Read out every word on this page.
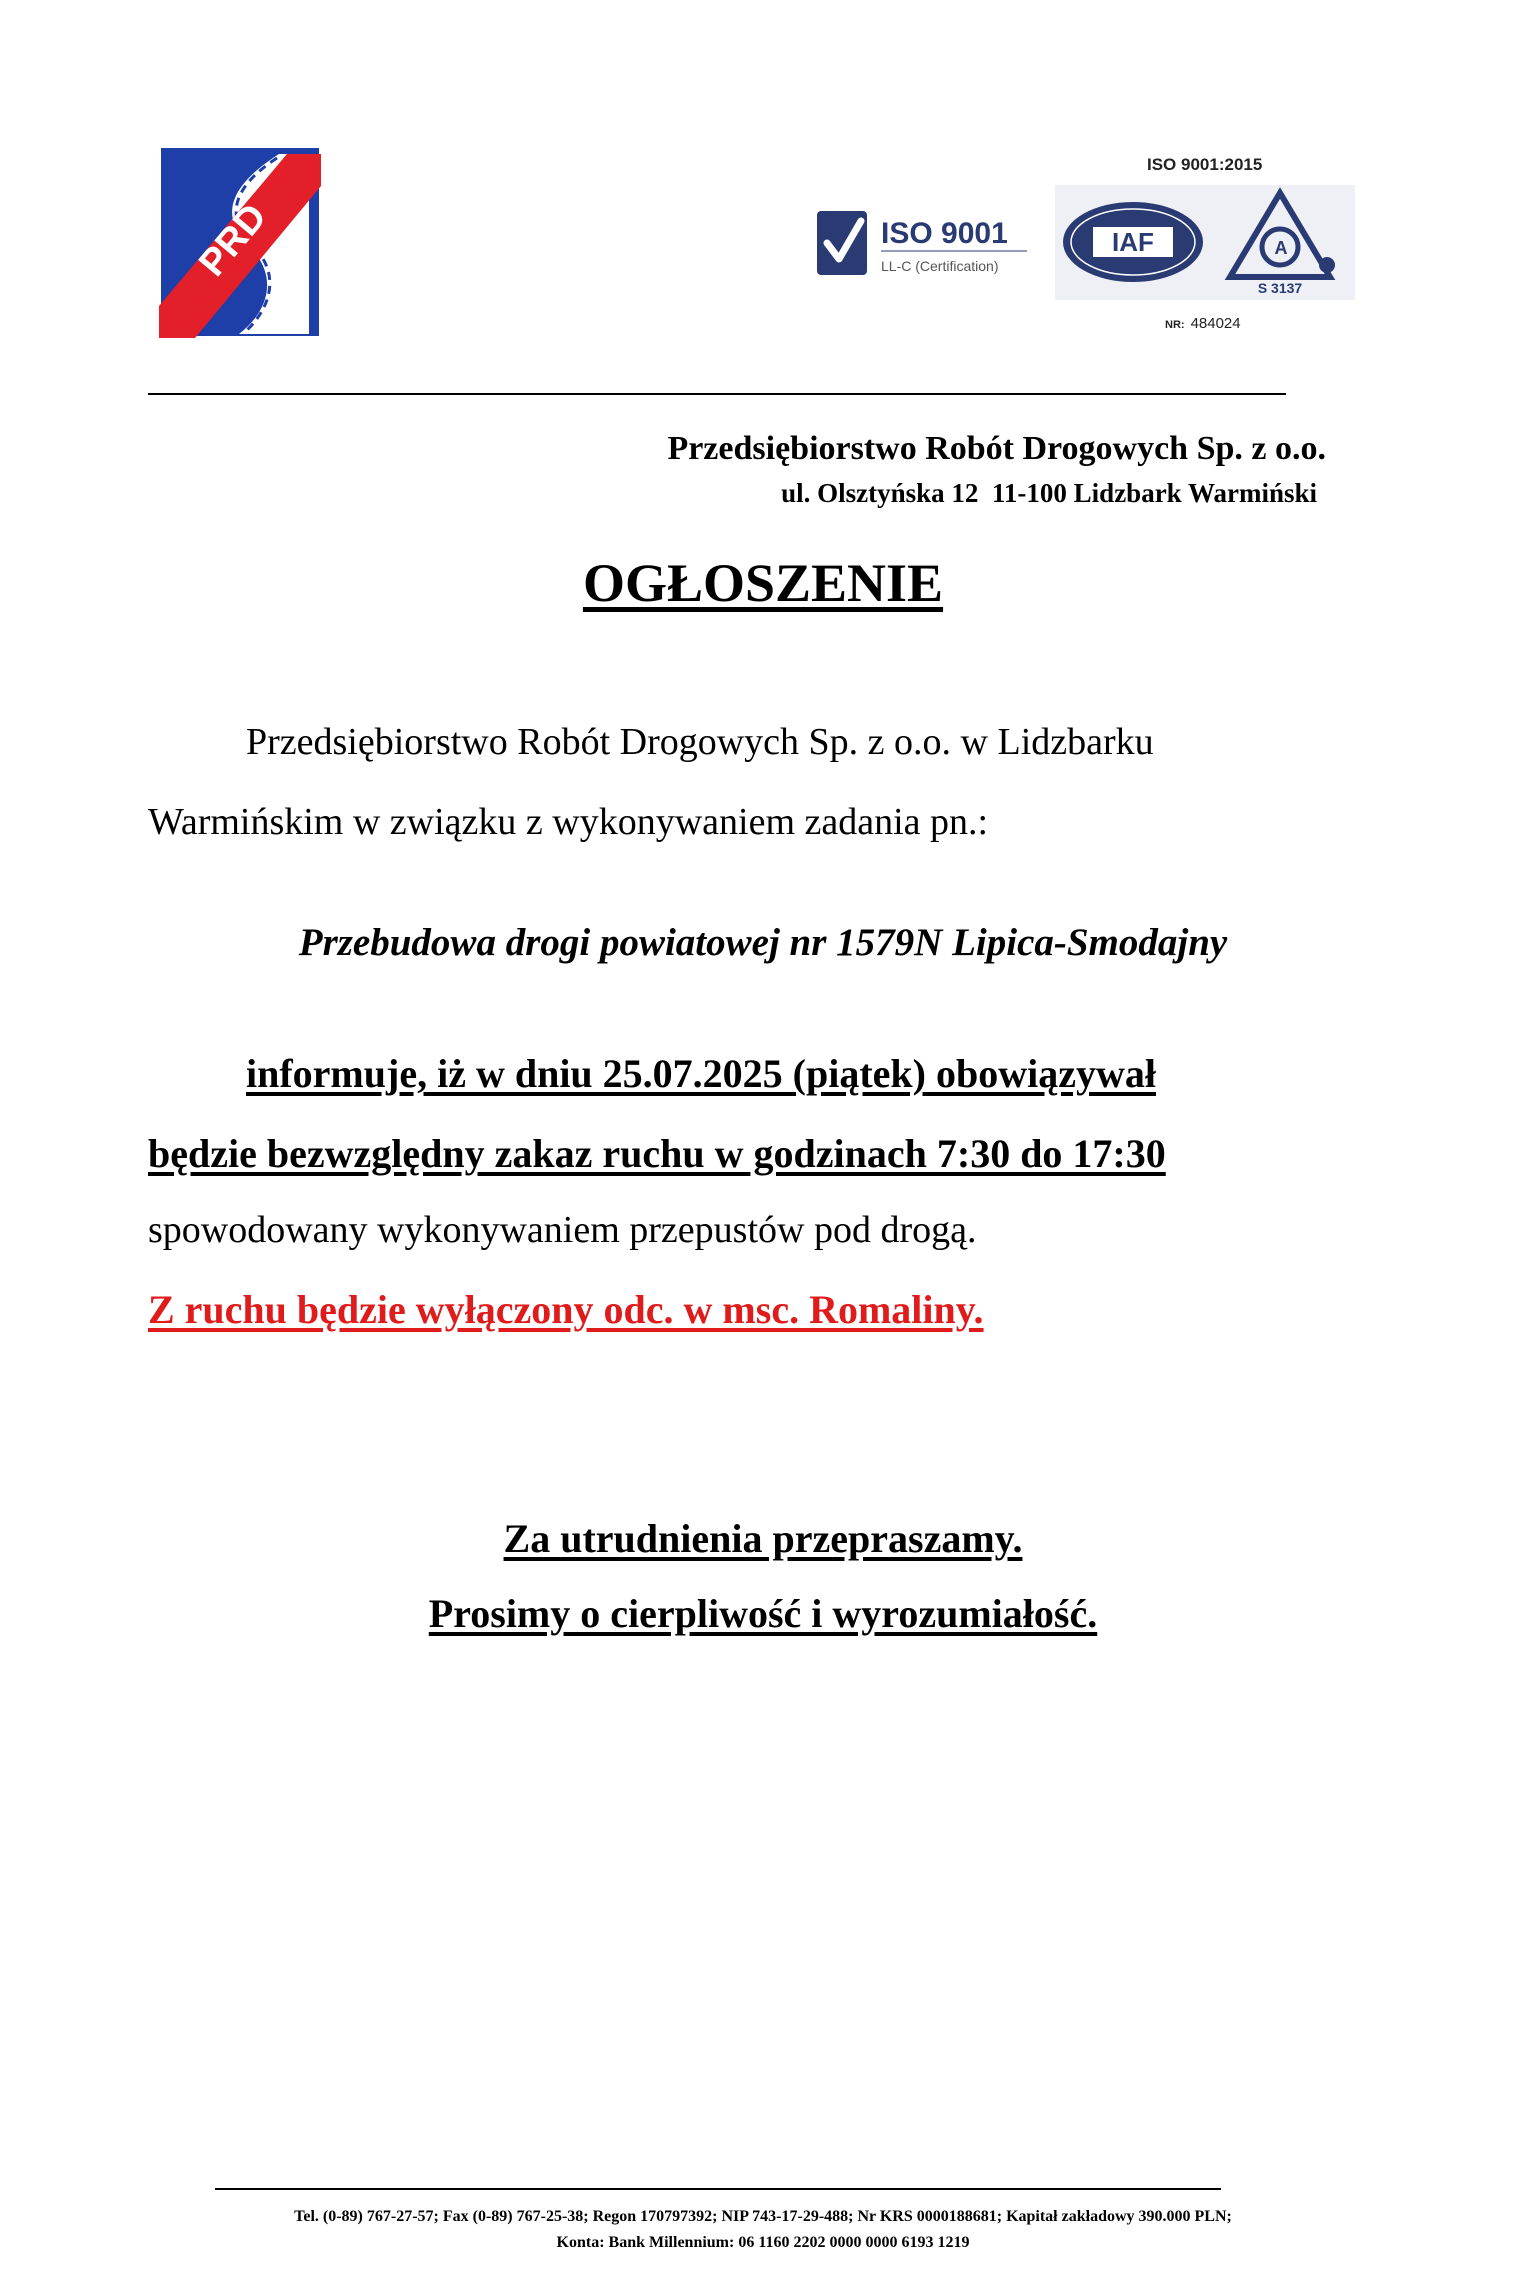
PRD	ISO 9001
LL-C (Certification)
ISO 9001:2015
IAF	A
S 3137
NR: 484024
Przedsiębiorstwo Robót Drogowych Sp. z o.o.
ul. Olsztyńska 12  11-100 Lidzbark Warmiński
OGŁOSZENIE
Przedsiębiorstwo Robót Drogowych Sp. z o.o. w Lidzbarku
Warmińskim w związku z wykonywaniem zadania pn.:
Przebudowa drogi powiatowej nr 1579N Lipica-Smodajny
informuje, iż w dniu 25.07.2025 (piątek) obowiązywał
będzie bezwzględny zakaz ruchu w godzinach 7:30 do 17:30
spowodowany wykonywaniem przepustów pod drogą.
Z ruchu będzie wyłączony odc. w msc. Romaliny.
Za utrudnienia przepraszamy.
Prosimy o cierpliwość i wyrozumiałość.
Tel. (0-89) 767-27-57; Fax (0-89) 767-25-38; Regon 170797392; NIP 743-17-29-488; Nr KRS 0000188681; Kapitał zakładowy 390.000 PLN;
Konta: Bank Millennium: 06 1160 2202 0000 0000 6193 1219
